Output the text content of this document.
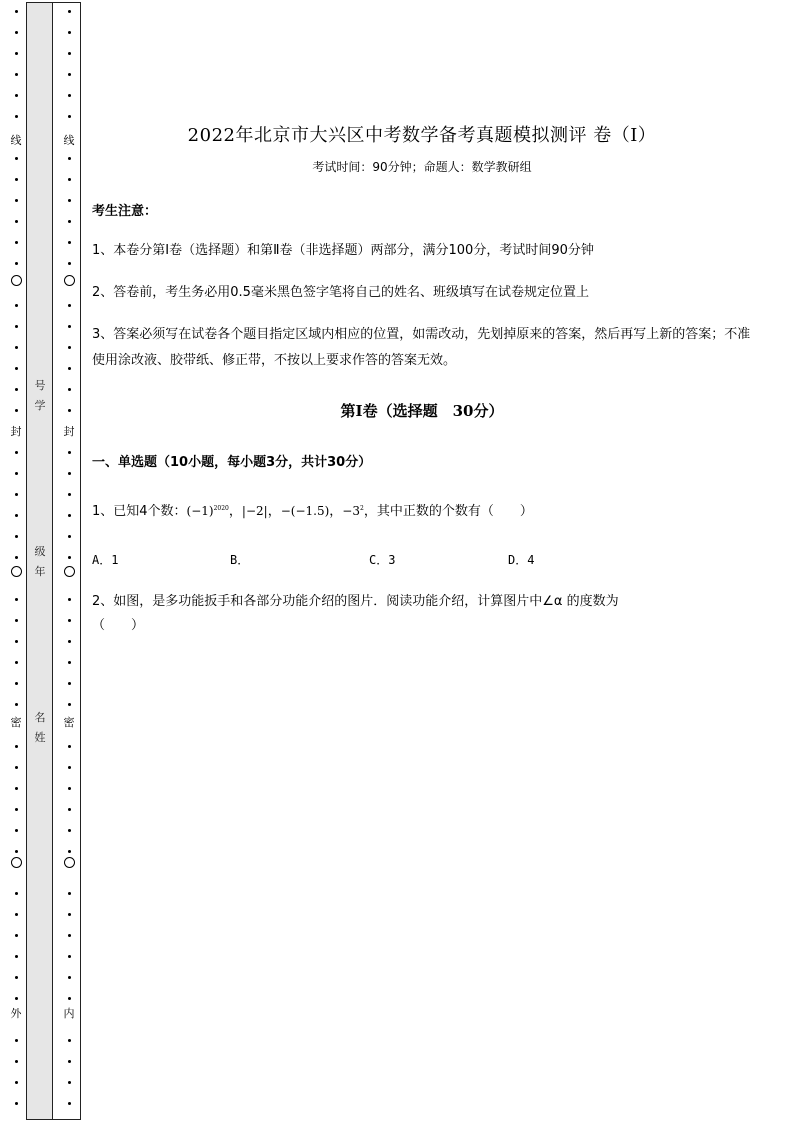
线
封
密
外
线
封
密
内
号
学
级
年
名
姓
2022年北京市大兴区中考数学备考真题模拟测评 卷（Ⅰ）
考试时间：90分钟；命题人：数学教研组
考生注意：
1、本卷分第I卷（选择题）和第Ⅱ卷（非选择题）两部分，满分100分，考试时间90分钟
2、答卷前，考生务必用0.5毫米黑色签字笔将自己的姓名、班级填写在试卷规定位置上
3、答案必须写在试卷各个题目指定区域内相应的位置，如需改动，先划掉原来的答案，然后再写上新的答案；不准使用涂改液、胶带纸、修正带，不按以上要求作答的答案无效。
第Ⅰ卷（选择题　30分）
一、单选题（10小题，每小题3分，共计30分）
1、已知4个数：$(-1)^{2020}$，|−2|，−(−1.5)，$-3^2$，其中正数的个数有（　　）
A．1	B．	C．3	D．4
2、如图，是多功能扳手和各部分功能介绍的图片．阅读功能介绍，计算图片中∠α 的度数为
（　　）
